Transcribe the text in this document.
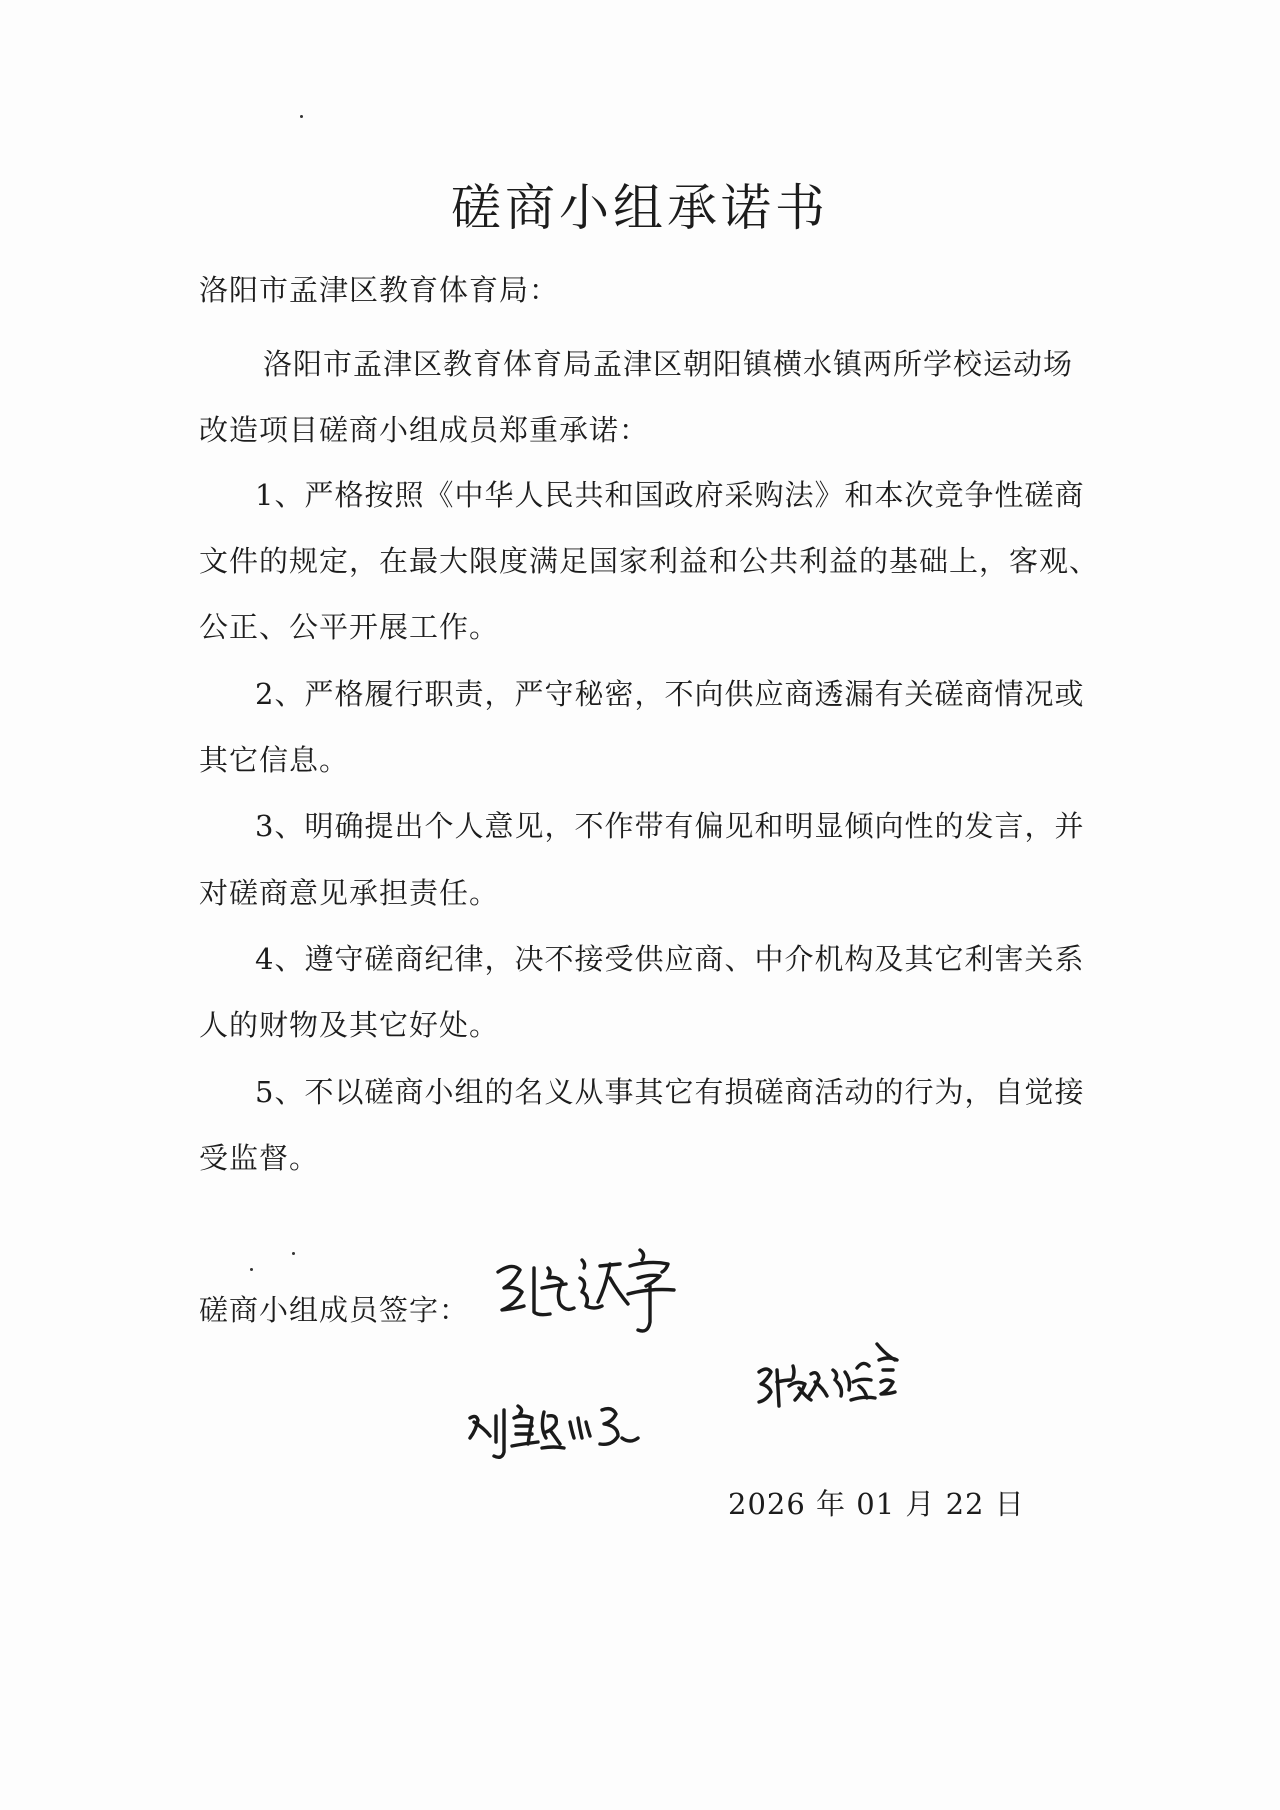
磋商小组承诺书

洛阳市孟津区教育体育局：

洛阳市孟津区教育体育局孟津区朝阳镇横水镇两所学校运动场

改造项目磋商小组成员郑重承诺：

1、严格按照《中华人民共和国政府采购法》和本次竞争性磋商

文件的规定，在最大限度满足国家利益和公共利益的基础上，客观、

公正、公平开展工作。

2、严格履行职责，严守秘密，不向供应商透漏有关磋商情况或

其它信息。

3、明确提出个人意见，不作带有偏见和明显倾向性的发言，并

对磋商意见承担责任。

4、遵守磋商纪律，决不接受供应商、中介机构及其它利害关系

人的财物及其它好处。

5、不以磋商小组的名义从事其它有损磋商活动的行为，自觉接

受监督。

磋商小组成员签字：

2026 年 01 月 22 日
